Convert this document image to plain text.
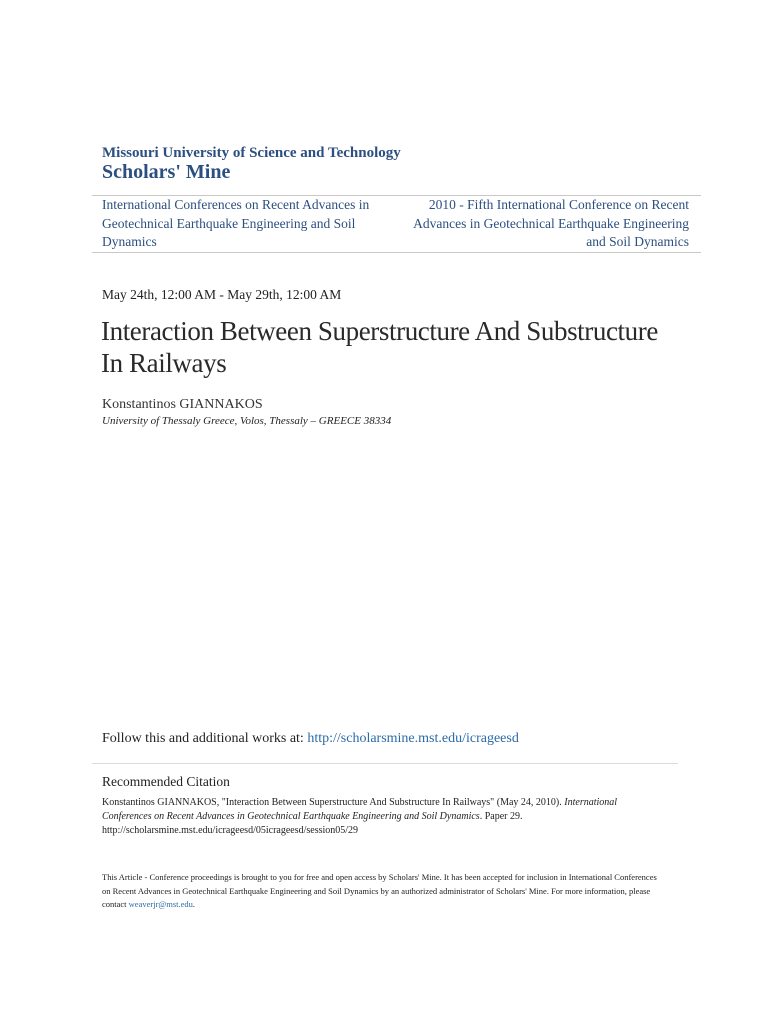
Missouri University of Science and Technology
Scholars' Mine
International Conferences on Recent Advances in Geotechnical Earthquake Engineering and Soil Dynamics
2010 - Fifth International Conference on Recent Advances in Geotechnical Earthquake Engineering and Soil Dynamics
May 24th, 12:00 AM - May 29th, 12:00 AM
Interaction Between Superstructure And Substructure In Railways
Konstantinos GIANNAKOS
University of Thessaly Greece, Volos, Thessaly – GREECE 38334
Follow this and additional works at: http://scholarsmine.mst.edu/icrageesd
Recommended Citation
Konstantinos GIANNAKOS, "Interaction Between Superstructure And Substructure In Railways" (May 24, 2010). International Conferences on Recent Advances in Geotechnical Earthquake Engineering and Soil Dynamics. Paper 29.
http://scholarsmine.mst.edu/icrageesd/05icrageesd/session05/29
This Article - Conference proceedings is brought to you for free and open access by Scholars' Mine. It has been accepted for inclusion in International Conferences on Recent Advances in Geotechnical Earthquake Engineering and Soil Dynamics by an authorized administrator of Scholars' Mine. For more information, please contact weaverjr@mst.edu.
